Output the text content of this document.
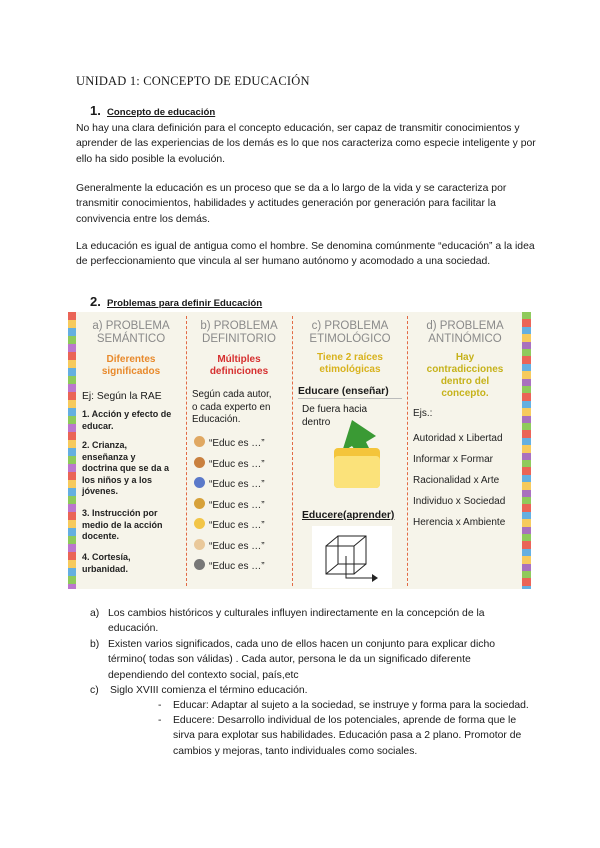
UNIDAD 1: CONCEPTO DE EDUCACIÓN
1. Concepto de educación
No hay una clara definición para el concepto educación, ser capaz de transmitir conocimientos y aprender de las experiencias de los demás es lo que nos caracteriza como especie inteligente y por ello ha sido posible la evolución.
Generalmente la educación es un proceso que se da a lo largo de la vida y se caracteriza por transmitir conocimientos, habilidades y actitudes generación por generación para facilitar la convivencia entre los demás.
La educación es igual de antigua como el hombre. Se denomina comúnmente “educación” a la idea de perfeccionamiento que vincula al ser humano autónomo y acomodado a una sociedad.
2. Problemas para definir Educación
a) PROBLEMA
SEMÁNTICO
Diferentes
significados
Ej: Según la RAE
1. Acción y efecto de
educar.
2. Crianza,
enseñanza y
doctrina que se da a
los niños y a los
jóvenes.
3. Instrucción por
medio de la acción
docente.
4. Cortesía,
urbanidad.
b) PROBLEMA
DEFINITORIO
Múltiples
definiciones
Según cada autor,
o cada experto en
Educación.
“Educ es …”
“Educ es …”
“Educ es …”
“Educ es …”
“Educ es …”
“Educ es …”
“Educ es …”
c) PROBLEMA
ETIMOLÓGICO
Tiene 2 raíces
etimológicas
Educare (enseñar)
De fuera hacia
dentro
Educere(aprender)
d) PROBLEMA
ANTINÓMICO
Hay
contradicciones
dentro del
concepto.
Ejs.:
Autoridad x Libertad
Informar x Formar
Racionalidad x Arte
Individuo x Sociedad
Herencia x Ambiente
a) Los cambios históricos y culturales influyen indirectamente en la concepción de la
educación.
b) Existen varios significados, cada uno de ellos hacen un conjunto para explicar dicho
término( todas son válidas) . Cada autor, persona le da un significado diferente
dependiendo del contexto social, país,etc
c) Siglo XVIII comienza el término educación.
- Educar: Adaptar al sujeto a la sociedad, se instruye y forma para la sociedad.
- Educere: Desarrollo individual de los potenciales, aprende de forma que le
sirva para explotar sus habilidades. Educación pasa a 2 plano. Promotor de
cambios y mejoras, tanto individuales como sociales.
